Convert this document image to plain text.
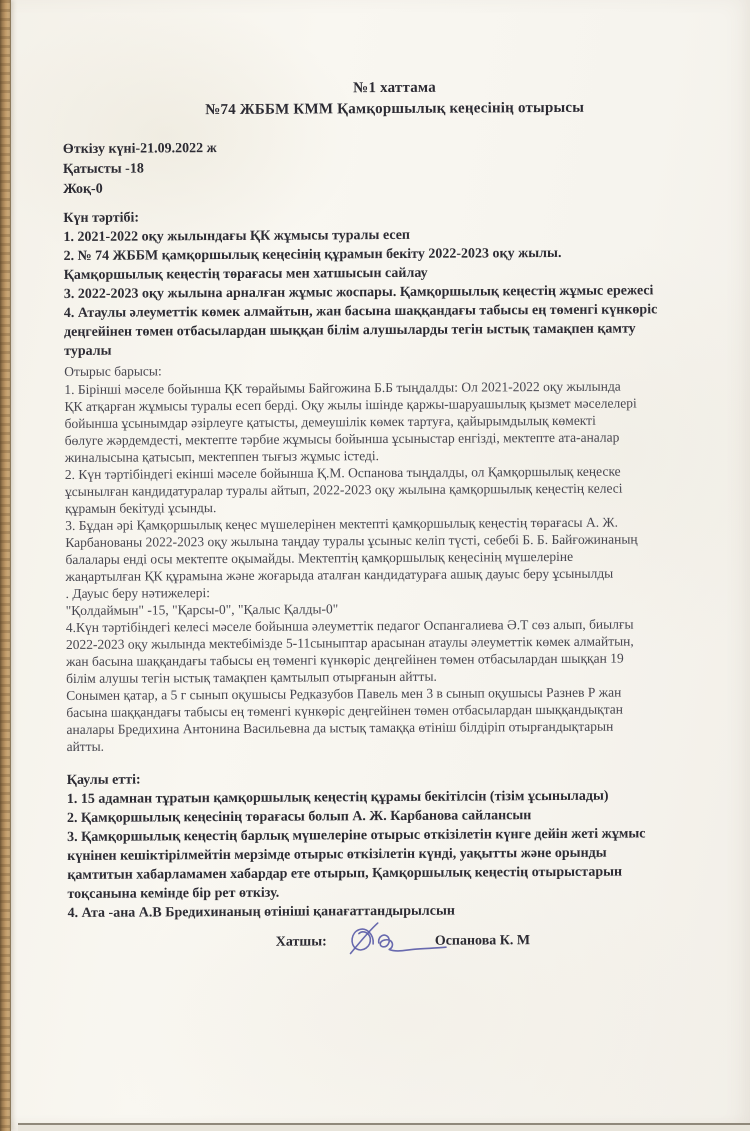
№1 хаттама
№74 ЖББМ КММ Қамқоршылық кеңесінің отырысы
Өткізу күні-21.09.2022 ж
Қатысты -18
Жоқ-0
Күн тәртібі:
1. 2021-2022 оқу жылындағы ҚК жұмысы туралы есеп
2. № 74 ЖББМ қамқоршылық кеңесінің құрамын бекіту 2022-2023 оқу жылы.
Қамқоршылық кеңестің төрағасы мен хатшысын сайлау
3. 2022-2023 оқу жылына арналған жұмыс жоспары. Қамқоршылық кеңестің жұмыс ережесі
4. Атаулы әлеуметтік көмек алмайтын, жан басына шаққандағы табысы ең төменгі күнкөріс
деңгейінен төмен отбасылардан шыққан білім алушыларды тегін ыстық тамақпен қамту
туралы
Отырыс барысы:
1. Бірінші мәселе бойынша ҚК төрайымы Байгожина Б.Б тыңдалды: Ол 2021-2022 оқу жылында
ҚК атқарған жұмысы туралы есеп берді. Оқу жылы ішінде қаржы-шаруашылық қызмет мәселелері
бойынша ұсынымдар әзірлеуге қатысты, демеушілік көмек тартуға, қайырымдылық көмекті
бөлуге жәрдемдесті, мектепте тәрбие жұмысы бойынша ұсыныстар енгізді, мектепте ата-аналар
жиналысына қатысып, мектеппен тығыз жұмыс істеді.
2. Күн тәртібіндегі екінші мәселе бойынша Қ.М. Оспанова тыңдалды, ол Қамқоршылық кеңеске
ұсынылған кандидатуралар туралы айтып, 2022-2023 оқу жылына қамқоршылық кеңестің келесі
құрамын бекітуді ұсынды.
3. Бұдан әрі Қамқоршылық кеңес мүшелерінен мектепті қамқоршылық кеңестің төрағасы А. Ж.
Карбанованы 2022-2023 оқу жылына таңдау туралы ұсыныс келіп түсті, себебі Б. Б. Байғожинаның
балалары енді осы мектепте оқымайды. Мектептің қамқоршылық кеңесінің мүшелеріне
жаңартылған ҚК құрамына және жоғарыда аталған кандидатураға ашық дауыс беру ұсынылды
. Дауыс беру нәтижелері:
"Қолдаймын" -15, "Қарсы-0", "Қалыс Қалды-0"
4.Күн тәртібіндегі келесі мәселе бойынша әлеуметтік педагог Оспангалиева Ә.Т сөз алып, биылғы
2022-2023 оқу жылында мектебімізде 5-11сыныптар арасынан атаулы әлеуметтік көмек алмайтын,
жан басына шаққандағы табысы ең төменгі күнкөріс деңгейінен төмен отбасылардан шыққан 19
білім алушы тегін ыстық тамақпен қамтылып отырғанын айтты.
Сонымен қатар, а 5 г сынып оқушысы Редказубов Павель мен 3 в сынып оқушысы Разнев Р жан
басына шаққандағы табысы ең төменгі күнкөріс деңгейінен төмен отбасылардан шыққандықтан
аналары Бредихина Антонина Васильевна да ыстық тамаққа өтініш білдіріп отырғандықтарын
айтты.
Қаулы етті:
1. 15 адамнан тұратын қамқоршылық кеңестің құрамы бекітілсін (тізім ұсынылады)
2. Қамқоршылық кеңесінің төрағасы болып А. Ж. Карбанова сайлансын
3. Қамқоршылық кеңестің барлық мүшелеріне отырыс өткізілетін күнге дейін жеті жұмыс
күнінен кешіктірілмейтін мерзімде отырыс өткізілетін күнді, уақытты және орынды
қамтитын хабарламамен хабардар ете отырып, Қамқоршылық кеңестің отырыстарын
тоқсанына кемінде бір рет өткізу.
4. Ата -ана А.В Бредихинаның өтініші қанағаттандырылсын
Хатшы:	Оспанова К. М
